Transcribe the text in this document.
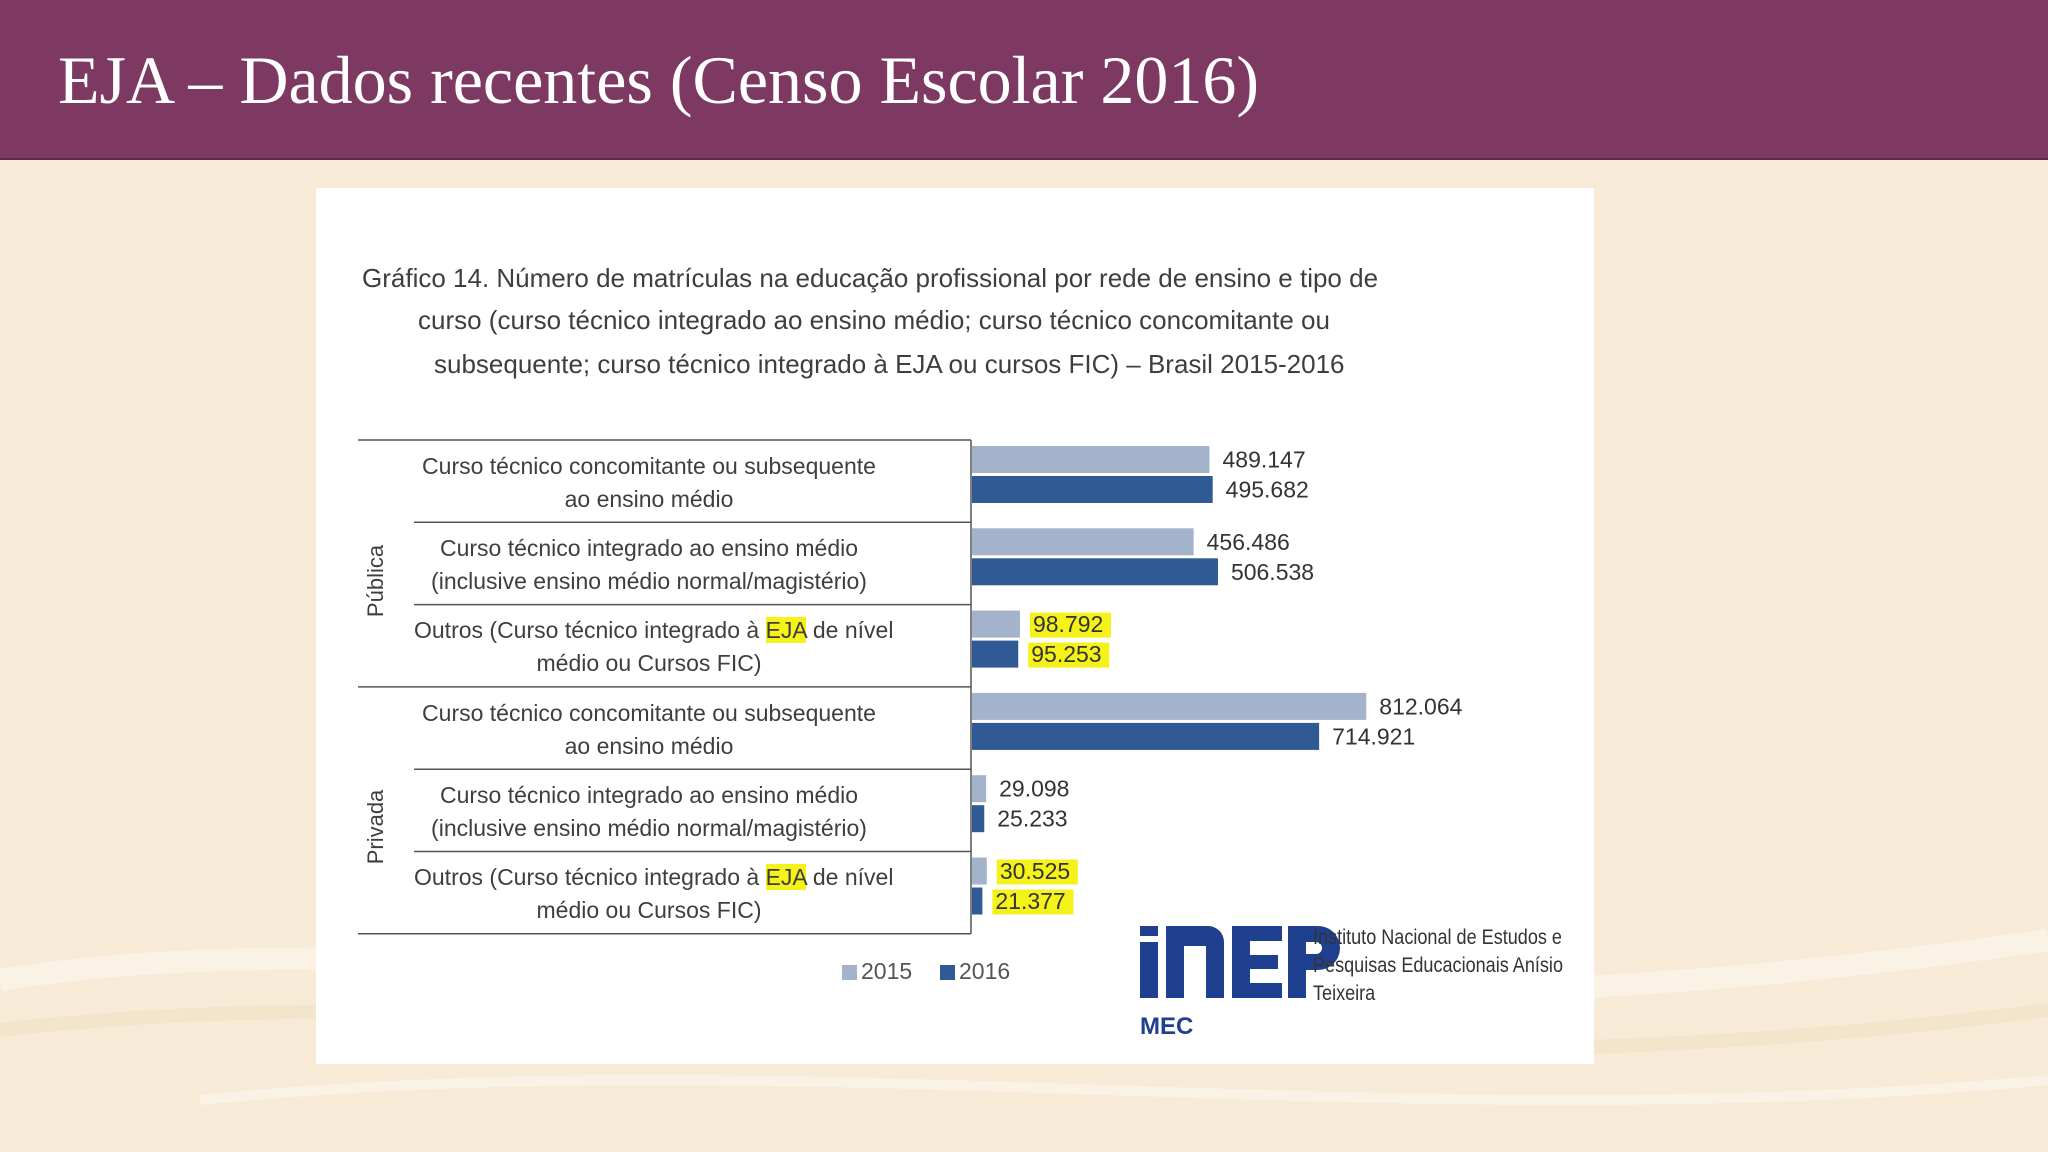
EJA – Dados recentes (Censo Escolar 2016)
Gráfico 14. Número de matrículas na educação profissional por rede de ensino e tipo de
curso (curso técnico integrado ao ensino médio; curso técnico concomitante ou
subsequente; curso técnico integrado à EJA ou cursos FIC) – Brasil 2015-2016
489.147
495.682
456.486
506.538
98.792
95.253
812.064
714.921
29.098
25.233
30.525
21.377
Curso técnico concomitante ou subsequente
ao ensino médio
Curso técnico integrado ao ensino médio
(inclusive ensino médio normal/magistério)
Outros (Curso técnico integrado à EJA de nível
médio ou Cursos FIC)
Curso técnico concomitante ou subsequente
ao ensino médio
Curso técnico integrado ao ensino médio
(inclusive ensino médio normal/magistério)
Outros (Curso técnico integrado à EJA de nível
médio ou Cursos FIC)
Pública
Privada
2015	2016
MEC
Instituto Nacional de Estudos e
Pesquisas Educacionais Anísio
Teixeira
